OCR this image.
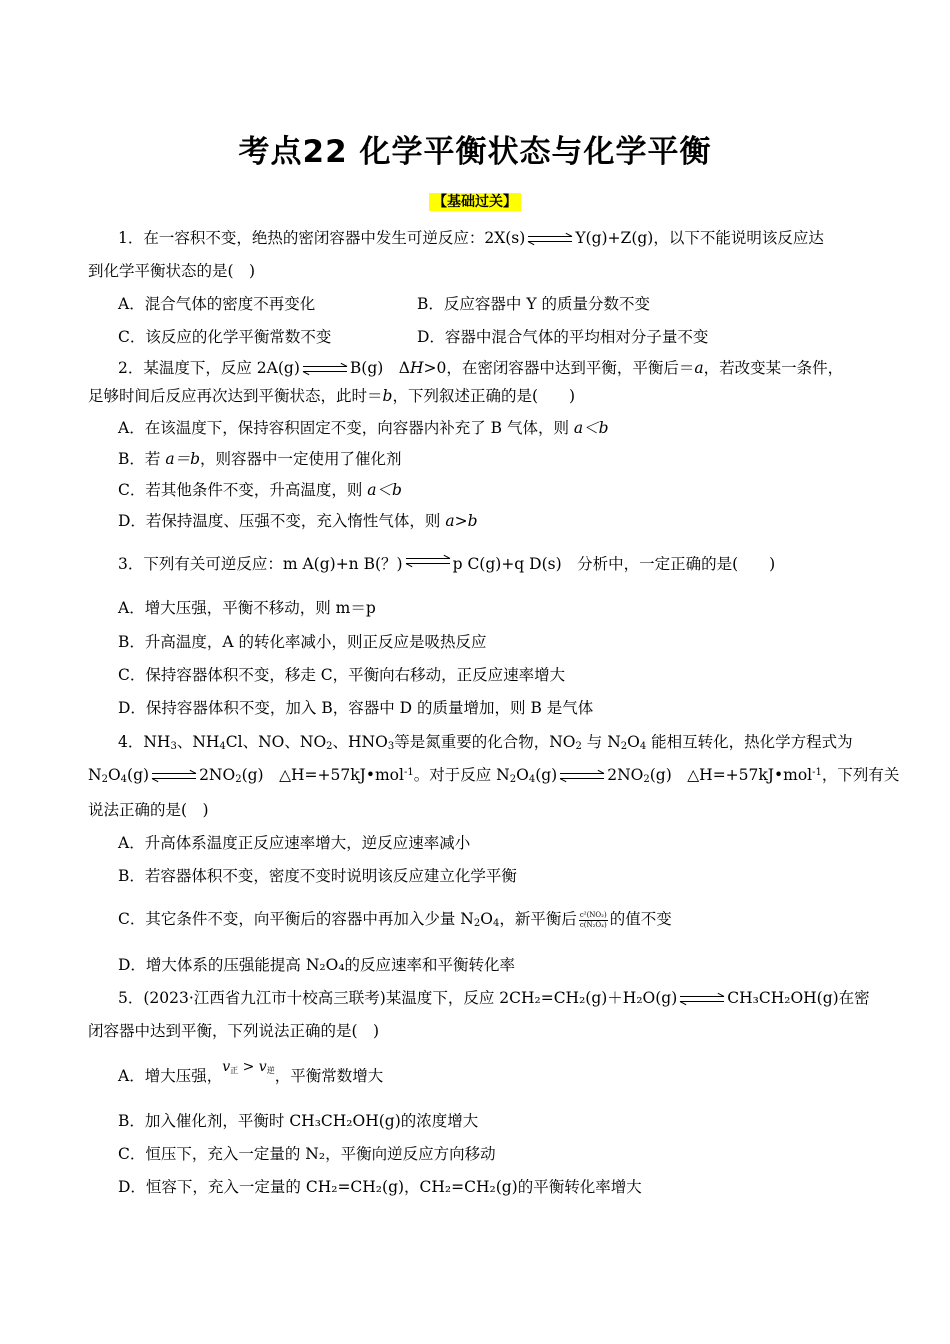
考点22 化学平衡状态与化学平衡
【基础过关】
1．在一容积不变，绝热的密闭容器中发生可逆反应：2X(s)	Y(g)+Z(g)，以下不能说明该反应达
到化学平衡状态的是(　)
A．混合气体的密度不再变化	B．反应容器中 Y 的质量分数不变
C．该反应的化学平衡常数不变	D．容器中混合气体的平均相对分子量不变
2．某温度下，反应 2A(g)	B(g)　ΔH>0，在密闭容器中达到平衡，平衡后＝a，若改变某一条件，
足够时间后反应再次达到平衡状态，此时＝b，下列叙述正确的是(　　)
A．在该温度下，保持容积固定不变，向容器内补充了 B 气体，则 a＜b
B．若 a＝b，则容器中一定使用了催化剂
C．若其他条件不变，升高温度，则 a＜b
D．若保持温度、压强不变，充入惰性气体，则 a>b
3．下列有关可逆反应：m A(g)+n B(？)	p C(g)+q D(s)　分析中，一定正确的是(　　)
A．增大压强，平衡不移动，则 m＝p
B．升高温度，A 的转化率减小，则正反应是吸热反应
C．保持容器体积不变，移走 C，平衡向右移动，正反应速率增大
D．保持容器体积不变，加入 B，容器中 D 的质量增加，则 B 是气体
4．$NH_3$、$NH_4Cl$、NO、$NO_2$、$HNO_3$等是氮重要的化合物，$NO_2$ 与 $N_2O_4$ 能相互转化，热化学方程式为
$N_2O_4(g)$	$2NO_2(g)$　△H=+57kJ•mol$^{-1}$。对于反应 $N_2O_4(g)$	$2NO_2(g)$　△H=+57kJ•mol$^{-1}$，下列有关
说法正确的是(　)
A．升高体系温度正反应速率增大，逆反应速率减小
B．若容器体积不变，密度不变时说明该反应建立化学平衡
C．其它条件不变，向平衡后的容器中再加入少量 $N_2O_4$，新平衡后 $\frac{\text{c²(NO₂)}}{\text{c(N₂O₄)}}$ 的值不变
D．增大体系的压强能提高 N₂O₄的反应速率和平衡转化率
5．(2023·江西省九江市十校高三联考)某温度下，反应 2CH₂=CH₂(g)＋H₂O(g)	CH₃CH₂OH(g)在密
闭容器中达到平衡，下列说法正确的是(　)
A．增大压强，$v_正 > v_逆$，平衡常数增大
B．加入催化剂，平衡时 CH₃CH₂OH(g)的浓度增大
C．恒压下，充入一定量的 N₂，平衡向逆反应方向移动
D．恒容下，充入一定量的 CH₂=CH₂(g)，CH₂=CH₂(g)的平衡转化率增大
